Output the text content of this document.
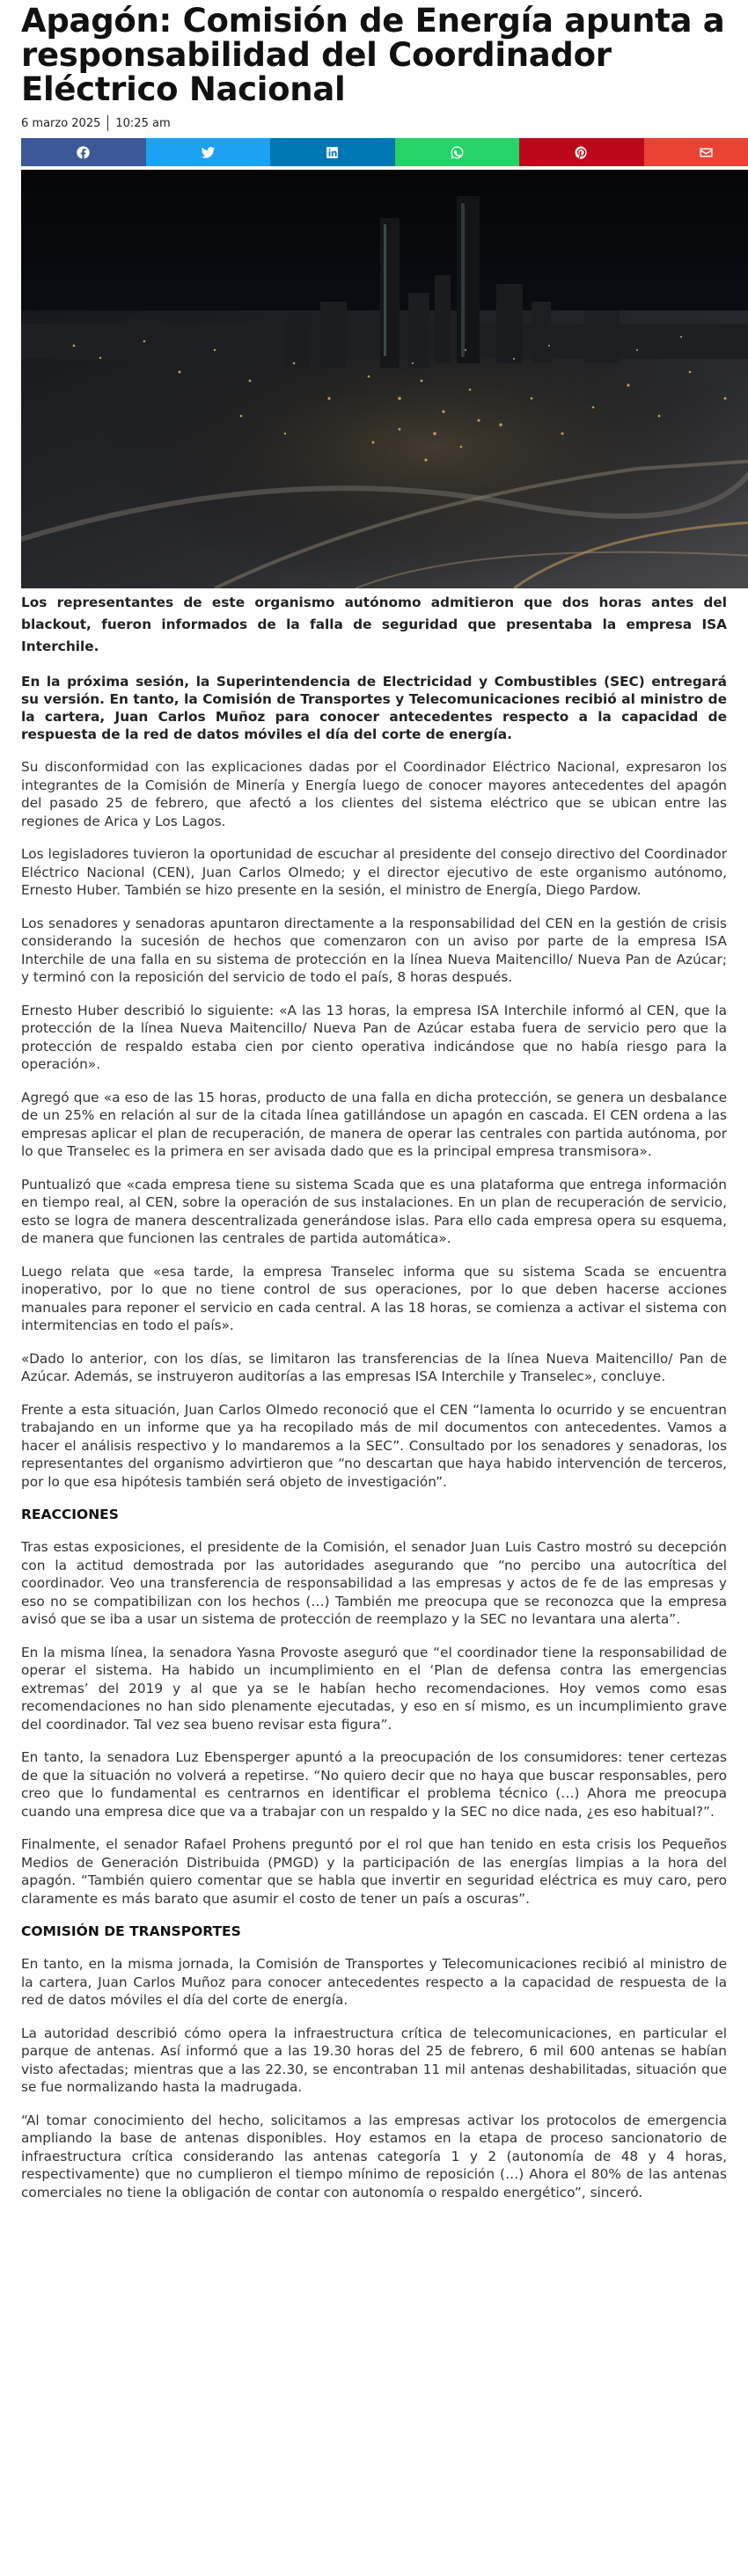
Apagón: Comisión de Energía apunta a responsabilidad del Coordinador Eléctrico Nacional
6 marzo 2025 10:25 am

Los representantes de este organismo autónomo admitieron que dos horas antes del blackout, fueron informados de la falla de seguridad que presentaba la empresa ISA Interchile.

En la próxima sesión, la Superintendencia de Electricidad y Combustibles (SEC) entregará su versión. En tanto, la Comisión de Transportes y Telecomunicaciones recibió al ministro de la cartera, Juan Carlos Muñoz para conocer antecedentes respecto a la capacidad de respuesta de la red de datos móviles el día del corte de energía.

Su disconformidad con las explicaciones dadas por el Coordinador Eléctrico Nacional, expresaron los integrantes de la Comisión de Minería y Energía luego de conocer mayores antecedentes del apagón del pasado 25 de febrero, que afectó a los clientes del sistema eléctrico que se ubican entre las regiones de Arica y Los Lagos.

Los legisladores tuvieron la oportunidad de escuchar al presidente del consejo directivo del Coordinador Eléctrico Nacional (CEN), Juan Carlos Olmedo; y el director ejecutivo de este organismo autónomo, Ernesto Huber. También se hizo presente en la sesión, el ministro de Energía, Diego Pardow.

Los senadores y senadoras apuntaron directamente a la responsabilidad del CEN en la gestión de crisis considerando la sucesión de hechos que comenzaron con un aviso por parte de la empresa ISA Interchile de una falla en su sistema de protección en la línea Nueva Maitencillo/ Nueva Pan de Azúcar; y terminó con la reposición del servicio de todo el país, 8 horas después.

Ernesto Huber describió lo siguiente: «A las 13 horas, la empresa ISA Interchile informó al CEN, que la protección de la línea Nueva Maitencillo/ Nueva Pan de Azúcar estaba fuera de servicio pero que la protección de respaldo estaba cien por ciento operativa indicándose que no había riesgo para la operación».

Agregó que «a eso de las 15 horas, producto de una falla en dicha protección, se genera un desbalance de un 25% en relación al sur de la citada línea gatillándose un apagón en cascada. El CEN ordena a las empresas aplicar el plan de recuperación, de manera de operar las centrales con partida autónoma, por lo que Transelec es la primera en ser avisada dado que es la principal empresa transmisora».

Puntualizó que «cada empresa tiene su sistema Scada que es una plataforma que entrega información en tiempo real, al CEN, sobre la operación de sus instalaciones. En un plan de recuperación de servicio, esto se logra de manera descentralizada generándose islas. Para ello cada empresa opera su esquema, de manera que funcionen las centrales de partida automática».

Luego relata que «esa tarde, la empresa Transelec informa que su sistema Scada se encuentra inoperativo, por lo que no tiene control de sus operaciones, por lo que deben hacerse acciones manuales para reponer el servicio en cada central. A las 18 horas, se comienza a activar el sistema con intermitencias en todo el país».

«Dado lo anterior, con los días, se limitaron las transferencias de la línea Nueva Maitencillo/ Pan de Azúcar. Además, se instruyeron auditorías a las empresas ISA Interchile y Transelec», concluye.

Frente a esta situación, Juan Carlos Olmedo reconoció que el CEN “lamenta lo ocurrido y se encuentran trabajando en un informe que ya ha recopilado más de mil documentos con antecedentes. Vamos a hacer el análisis respectivo y lo mandaremos a la SEC”. Consultado por los senadores y senadoras, los representantes del organismo advirtieron que “no descartan que haya habido intervención de terceros, por lo que esa hipótesis también será objeto de investigación”.

REACCIONES

Tras estas exposiciones, el presidente de la Comisión, el senador Juan Luis Castro mostró su decepción con la actitud demostrada por las autoridades asegurando que “no percibo una autocrítica del coordinador. Veo una transferencia de responsabilidad a las empresas y actos de fe de las empresas y eso no se compatibilizan con los hechos (…) También me preocupa que se reconozca que la empresa avisó que se iba a usar un sistema de protección de reemplazo y la SEC no levantara una alerta”.

En la misma línea, la senadora Yasna Provoste aseguró que “el coordinador tiene la responsabilidad de operar el sistema. Ha habido un incumplimiento en el ‘Plan de defensa contra las emergencias extremas’ del 2019 y al que ya se le habían hecho recomendaciones. Hoy vemos como esas recomendaciones no han sido plenamente ejecutadas, y eso en sí mismo, es un incumplimiento grave del coordinador. Tal vez sea bueno revisar esta figura”.

En tanto, la senadora Luz Ebensperger apuntó a la preocupación de los consumidores: tener certezas de que la situación no volverá a repetirse. “No quiero decir que no haya que buscar responsables, pero creo que lo fundamental es centrarnos en identificar el problema técnico (…) Ahora me preocupa cuando una empresa dice que va a trabajar con un respaldo y la SEC no dice nada, ¿es eso habitual?”.

Finalmente, el senador Rafael Prohens preguntó por el rol que han tenido en esta crisis los Pequeños Medios de Generación Distribuida (PMGD) y la participación de las energías limpias a la hora del apagón. “También quiero comentar que se habla que invertir en seguridad eléctrica es muy caro, pero claramente es más barato que asumir el costo de tener un país a oscuras”.

COMISIÓN DE TRANSPORTES

En tanto, en la misma jornada, la Comisión de Transportes y Telecomunicaciones recibió al ministro de la cartera, Juan Carlos Muñoz para conocer antecedentes respecto a la capacidad de respuesta de la red de datos móviles el día del corte de energía.

La autoridad describió cómo opera la infraestructura crítica de telecomunicaciones, en particular el parque de antenas. Así informó que a las 19.30 horas del 25 de febrero, 6 mil 600 antenas se habían visto afectadas; mientras que a las 22.30, se encontraban 11 mil antenas deshabilitadas, situación que se fue normalizando hasta la madrugada.

“Al tomar conocimiento del hecho, solicitamos a las empresas activar los protocolos de emergencia ampliando la base de antenas disponibles. Hoy estamos en la etapa de proceso sancionatorio de infraestructura crítica considerando las antenas categoría 1 y 2 (autonomía de 48 y 4 horas, respectivamente) que no cumplieron el tiempo mínimo de reposición (…) Ahora el 80% de las antenas comerciales no tiene la obligación de contar con autonomía o respaldo energético”, sinceró.
